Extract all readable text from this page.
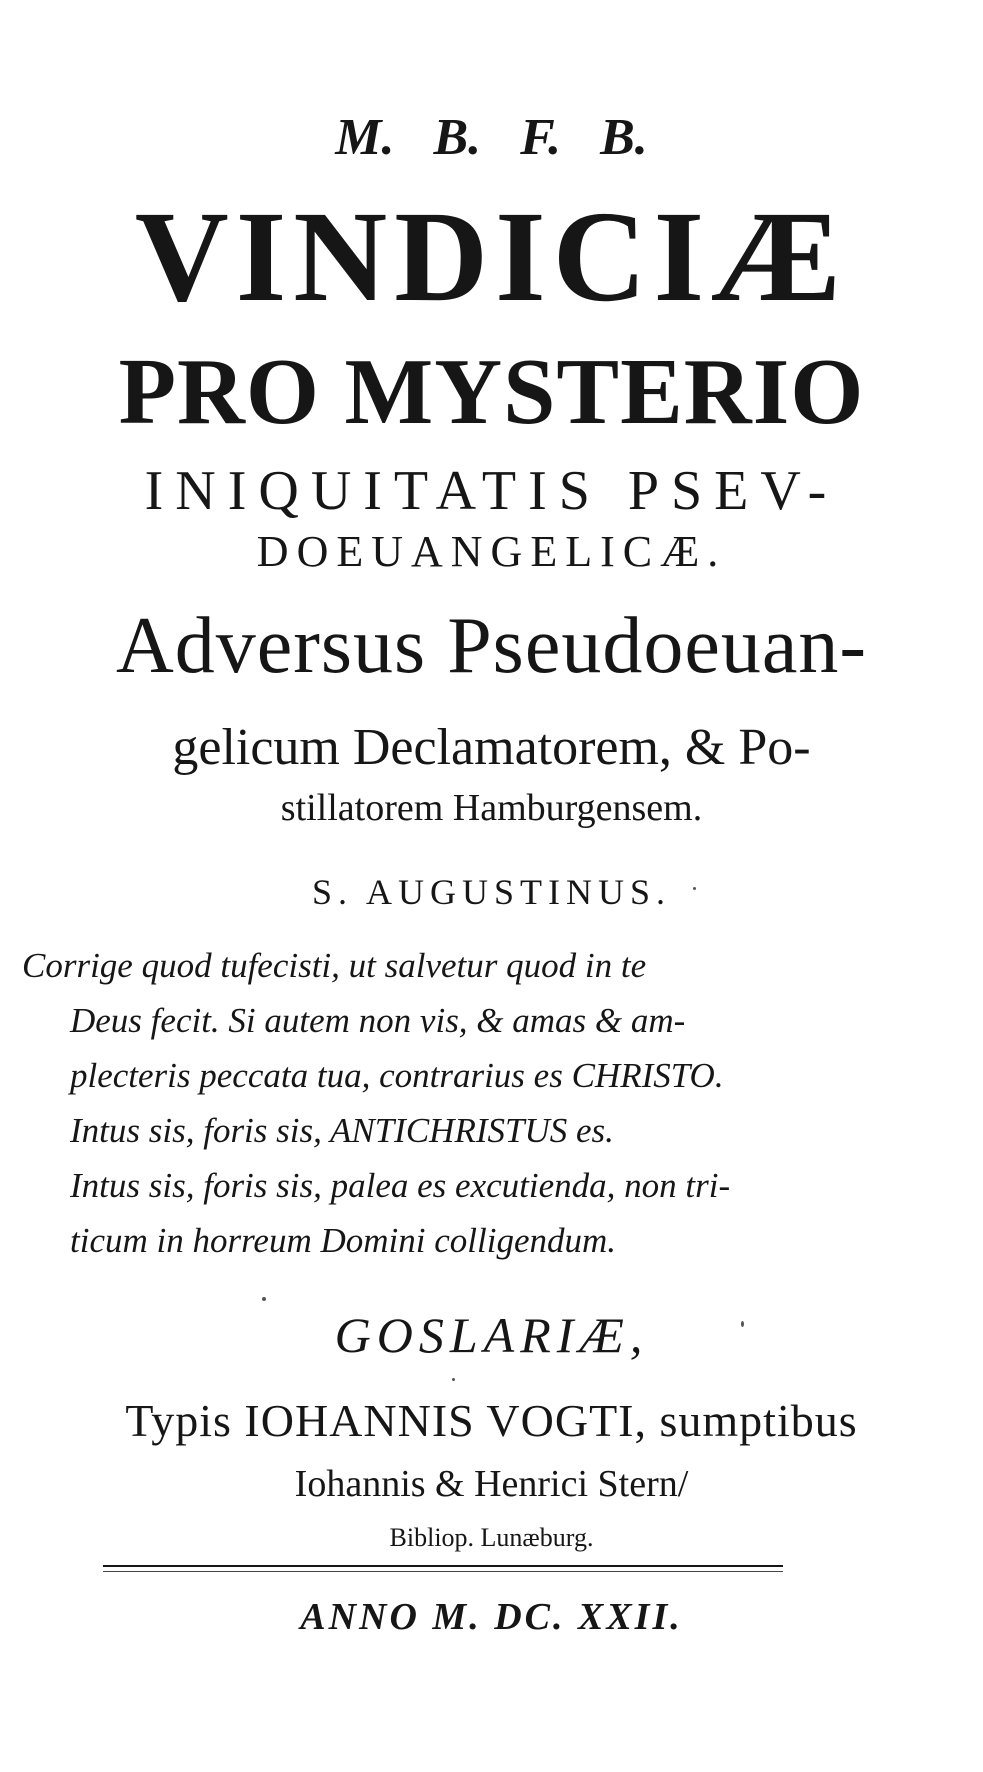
M. B. F. B.
VINDICIÆ
PRO MYSTERIO
INIQUITATIS PSEV-
DOEUANGELICÆ.
Adversus Pseudoeuan-
gelicum Declamatorem, & Po-
stillatorem Hamburgensem.
S. AUGUSTINUS.
Corrige quod tufecisti, ut salvetur quod in te
Deus fecit. Si autem non vis, & amas & am-
plecteris peccata tua, contrarius es CHRISTO.
Intus sis, foris sis, ANTICHRISTUS es.
Intus sis, foris sis, palea es excutienda, non tri-
ticum in horreum Domini colligendum.
GOSLARIÆ,
Typis IOHANNIS VOGTI, sumptibus
Iohannis & Henrici Stern/
Bibliop. Lunæburg.
ANNO M. DC. XXII.
